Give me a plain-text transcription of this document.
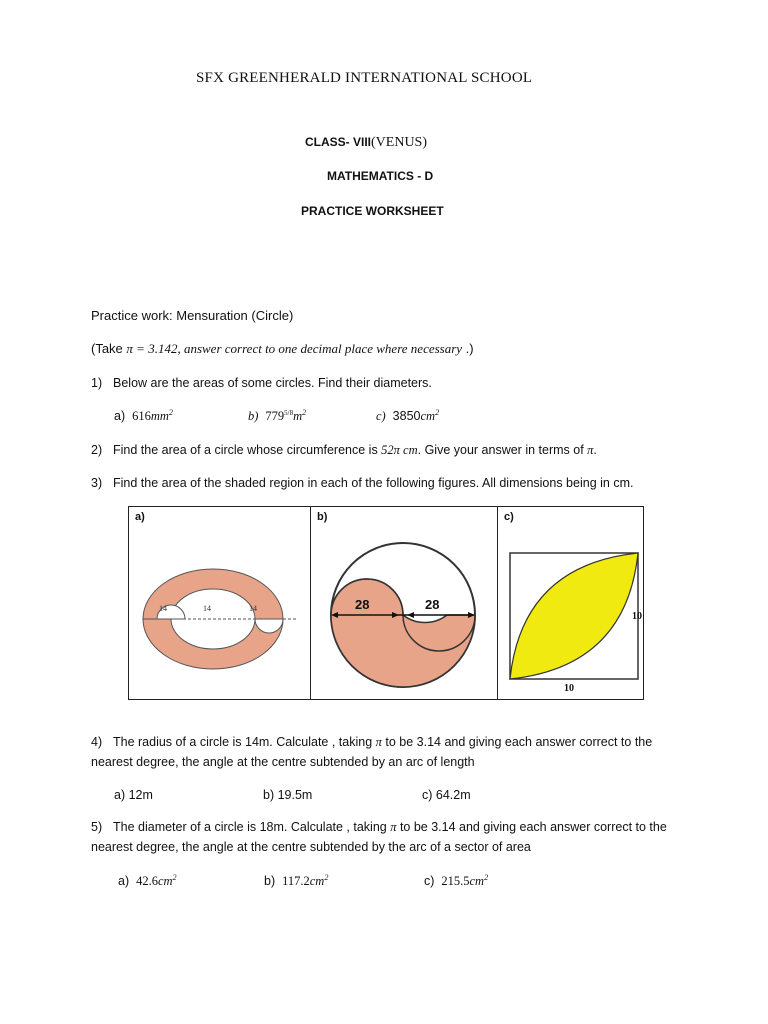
SFX GREENHERALD INTERNATIONAL SCHOOL
CLASS- VIII(VENUS)
MATHEMATICS - D
PRACTICE WORKSHEET
Practice work: Mensuration (Circle)
(Take π = 3.142, answer correct to one decimal place where necessary .)
1) Below are the areas of some circles. Find their diameters.
a) $616mm^2$	b) $779^{5/8}m^2$	c) $3850cm^2$
2) Find the area of a circle whose circumference is 52π cm. Give your answer in terms of π.
3) Find the area of the shaded region in each of the following figures. All dimensions being in cm.
a)
14	14	14
b)
28	28
c)
10
10
4) The radius of a circle is 14m. Calculate , taking π to be 3.14 and giving each answer correct to the
nearest degree, the angle at the centre subtended by an arc of length
a) 12m	b) 19.5m	c) 64.2m
5) The diameter of a circle is 18m. Calculate , taking π to be 3.14 and giving each answer correct to the
nearest degree, the angle at the centre subtended by the arc of a sector of area
a) $42.6cm^2$	b) $117.2cm^2$	c) $215.5cm^2$
